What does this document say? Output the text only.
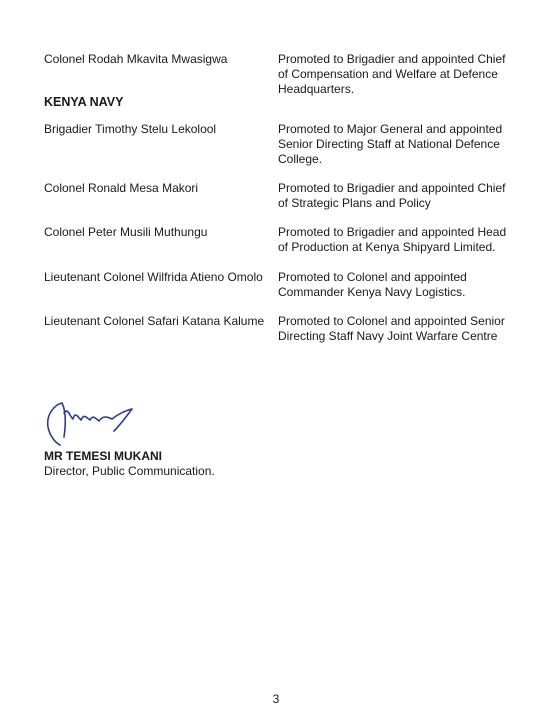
Colonel Rodah Mkavita Mwasigwa	Promoted to Brigadier and appointed Chief of Compensation and Welfare at Defence Headquarters.
KENYA NAVY
Brigadier Timothy Stelu Lekolool	Promoted to Major General and appointed Senior Directing Staff at National Defence College.
Colonel Ronald Mesa Makori	Promoted to Brigadier and appointed Chief of Strategic Plans and Policy
Colonel Peter Musili Muthungu	Promoted to Brigadier and appointed Head of Production at Kenya Shipyard Limited.
Lieutenant Colonel Wilfrida Atieno Omolo Promoted to Colonel and appointed Commander Kenya Navy Logistics.
Lieutenant Colonel Safari Katana Kalume Promoted to Colonel and appointed Senior Directing Staff Navy Joint Warfare Centre
MR TEMESI MUKANI
Director, Public Communication.
3
